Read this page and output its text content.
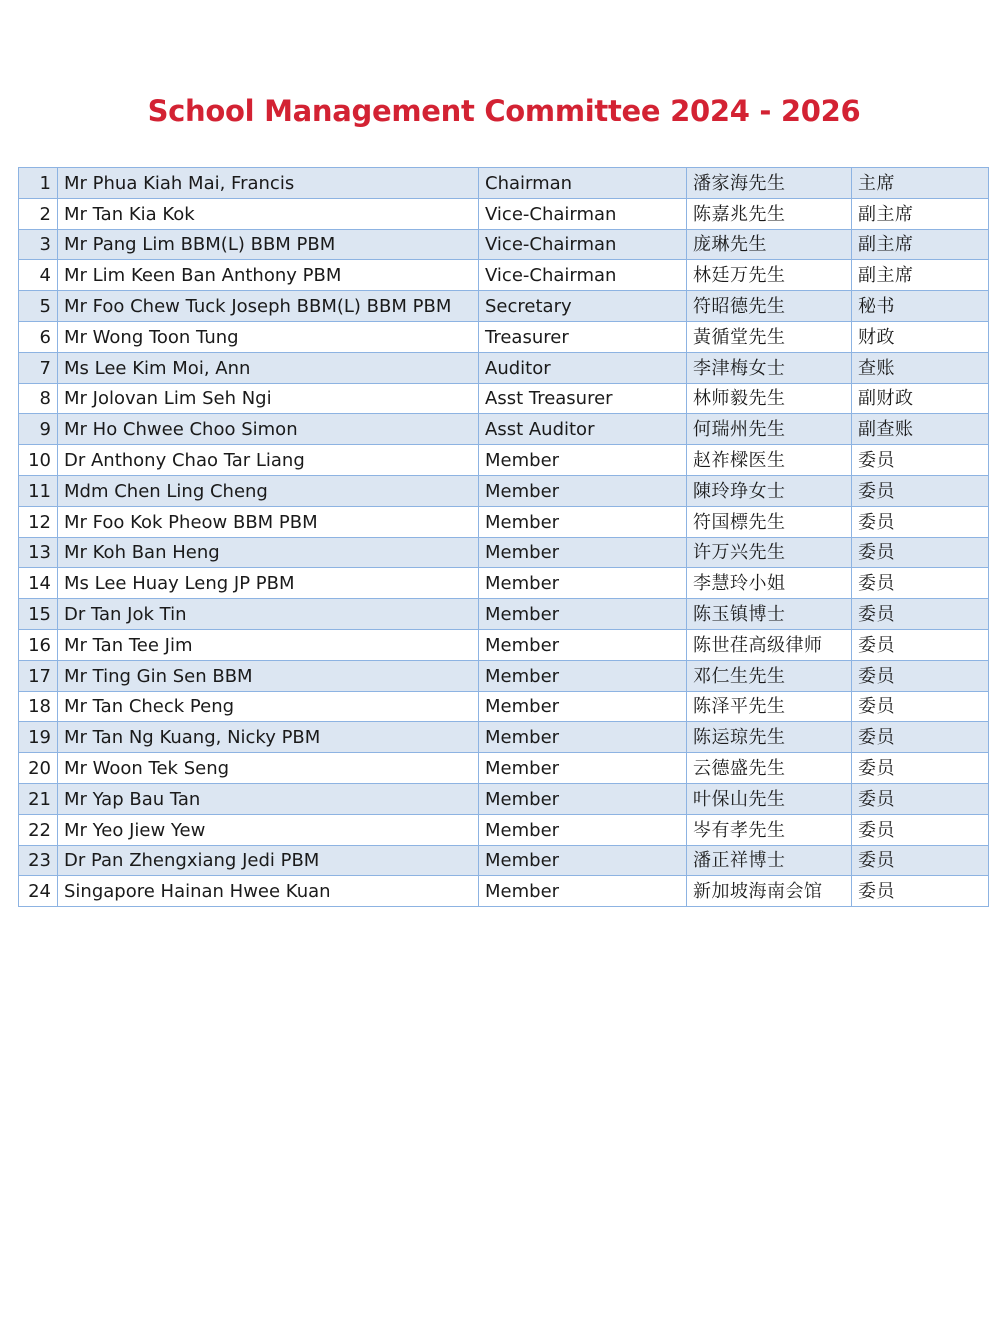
School Management Committee 2024 - 2026
1	Mr Phua Kiah Mai, Francis	Chairman	潘家海先生	主席
2	Mr Tan Kia Kok	Vice-Chairman	陈嘉兆先生	副主席
3	Mr Pang Lim BBM(L) BBM PBM	Vice-Chairman	庞琳先生	副主席
4	Mr Lim Keen Ban Anthony PBM	Vice-Chairman	林廷万先生	副主席
5	Mr Foo Chew Tuck Joseph BBM(L) BBM PBM	Secretary	符昭德先生	秘书
6	Mr Wong Toon Tung	Treasurer	黃循堂先生	财政
7	Ms Lee Kim Moi, Ann	Auditor	李津梅女士	查账
8	Mr Jolovan Lim Seh Ngi	Asst Treasurer	林师毅先生	副财政
9	Mr Ho Chwee Choo Simon	Asst Auditor	何瑞州先生	副查账
10	Dr Anthony Chao Tar Liang	Member	赵祚樑医生	委员
11	Mdm Chen Ling Cheng	Member	陳玲琤女士	委员
12	Mr Foo Kok Pheow BBM PBM	Member	符国標先生	委员
13	Mr Koh Ban Heng	Member	许万兴先生	委员
14	Ms Lee Huay Leng JP PBM	Member	李慧玲小姐	委员
15	Dr Tan Jok Tin	Member	陈玉镇博士	委员
16	Mr Tan Tee Jim	Member	陈世荏高级律师	委员
17	Mr Ting Gin Sen BBM	Member	邓仁生先生	委员
18	Mr Tan Check Peng	Member	陈泽平先生	委员
19	Mr Tan Ng Kuang, Nicky PBM	Member	陈运琼先生	委员
20	Mr Woon Tek Seng	Member	云德盛先生	委员
21	Mr Yap Bau Tan	Member	叶保山先生	委员
22	Mr Yeo Jiew Yew	Member	岑有孝先生	委员
23	Dr Pan Zhengxiang Jedi PBM	Member	潘正祥博士	委员
24	Singapore Hainan Hwee Kuan	Member	新加坡海南会馆	委员
